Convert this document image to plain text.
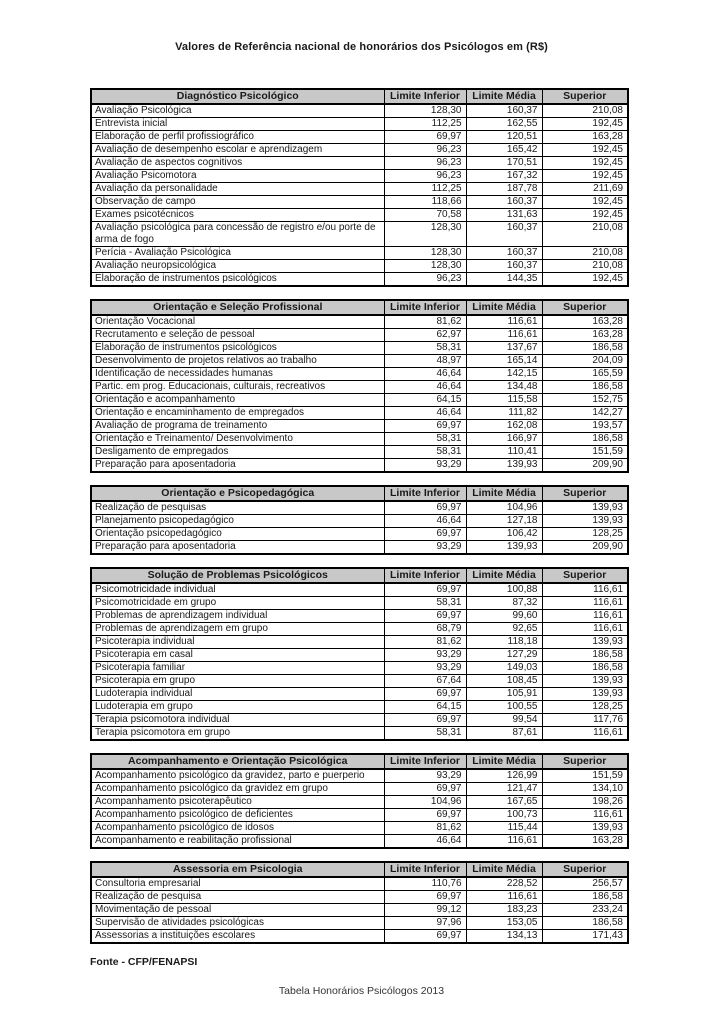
Valores de Referência nacional de honorários dos Psicólogos em (R$)
Diagnóstico Psicológico	Limite Inferior	Limite Média	Superior
Avaliação Psicológica	128,30	160,37	210,08
Entrevista inicial	112,25	162,55	192,45
Elaboração de perfil profissiográfico	69,97	120,51	163,28
Avaliação de desempenho escolar e aprendizagem	96,23	165,42	192,45
Avaliação de aspectos cognitivos	96,23	170,51	192,45
Avaliação Psicomotora	96,23	167,32	192,45
Avaliação da personalidade	112,25	187,78	211,69
Observação de campo	118,66	160,37	192,45
Exames psicotécnicos	70,58	131,63	192,45
Avaliação psicológica para concessão de registro e/ou porte de arma de fogo	128,30	160,37	210,08
Perícia - Avaliação Psicológica	128,30	160,37	210,08
Avaliação neuropsicológica	128,30	160,37	210,08
Elaboração de instrumentos psicológicos	96,23	144,35	192,45
Orientação e Seleção Profissional	Limite Inferior	Limite Média	Superior
Orientação Vocacional	81,62	116,61	163,28
Recrutamento e seleção de pessoal	62,97	116,61	163,28
Elaboração de instrumentos psicológicos	58,31	137,67	186,58
Desenvolvimento de projetos relativos ao trabalho	48,97	165,14	204,09
Identificação de necessidades humanas	46,64	142,15	165,59
Partic. em prog. Educacionais, culturais, recreativos	46,64	134,48	186,58
Orientação e acompanhamento	64,15	115,58	152,75
Orientação e encaminhamento de empregados	46,64	111,82	142,27
Avaliação de programa de treinamento	69,97	162,08	193,57
Orientação e Treinamento/ Desenvolvimento	58,31	166,97	186,58
Desligamento de empregados	58,31	110,41	151,59
Preparação para aposentadoria	93,29	139,93	209,90
Orientação e Psicopedagógica	Limite Inferior	Limite Média	Superior
Realização de pesquisas	69,97	104,96	139,93
Planejamento psicopedagógico	46,64	127,18	139,93
Orientação psicopedagógico	69,97	106,42	128,25
Preparação para aposentadoria	93,29	139,93	209,90
Solução de Problemas Psicológicos	Limite Inferior	Limite Média	Superior
Psicomotricidade individual	69,97	100,88	116,61
Psicomotricidade em grupo	58,31	87,32	116,61
Problemas de aprendizagem individual	69,97	99,60	116,61
Problemas de aprendizagem em grupo	68,79	92,65	116,61
Psicoterapia individual	81,62	118,18	139,93
Psicoterapia em casal	93,29	127,29	186,58
Psicoterapia familiar	93,29	149,03	186,58
Psicoterapia em grupo	67,64	108,45	139,93
Ludoterapia individual	69,97	105,91	139,93
Ludoterapia em grupo	64,15	100,55	128,25
Terapia psicomotora individual	69,97	99,54	117,76
Terapia psicomotora em grupo	58,31	87,61	116,61
Acompanhamento e Orientação Psicológica	Limite Inferior	Limite Média	Superior
Acompanhamento psicológico da gravidez, parto e puerperio	93,29	126,99	151,59
Acompanhamento psicológico da gravidez em grupo	69,97	121,47	134,10
Acompanhamento psicoterapêutico	104,96	167,65	198,26
Acompanhamento psicológico de deficientes	69,97	100,73	116,61
Acompanhamento psicológico de idosos	81,62	115,44	139,93
Acompanhamento e reabilitação profissional	46,64	116,61	163,28
Assessoria em Psicologia	Limite Inferior	Limite Média	Superior
Consultoria empresarial	110,76	228,52	256,57
Realização de pesquisa	69,97	116,61	186,58
Movimentação de pessoal	99,12	183,23	233,24
Supervisão de atividades psicológicas	97,96	153,05	186,58
Assessorias a instituições escolares	69,97	134,13	171,43
Fonte - CFP/FENAPSI
Tabela Honorários Psicólogos 2013
